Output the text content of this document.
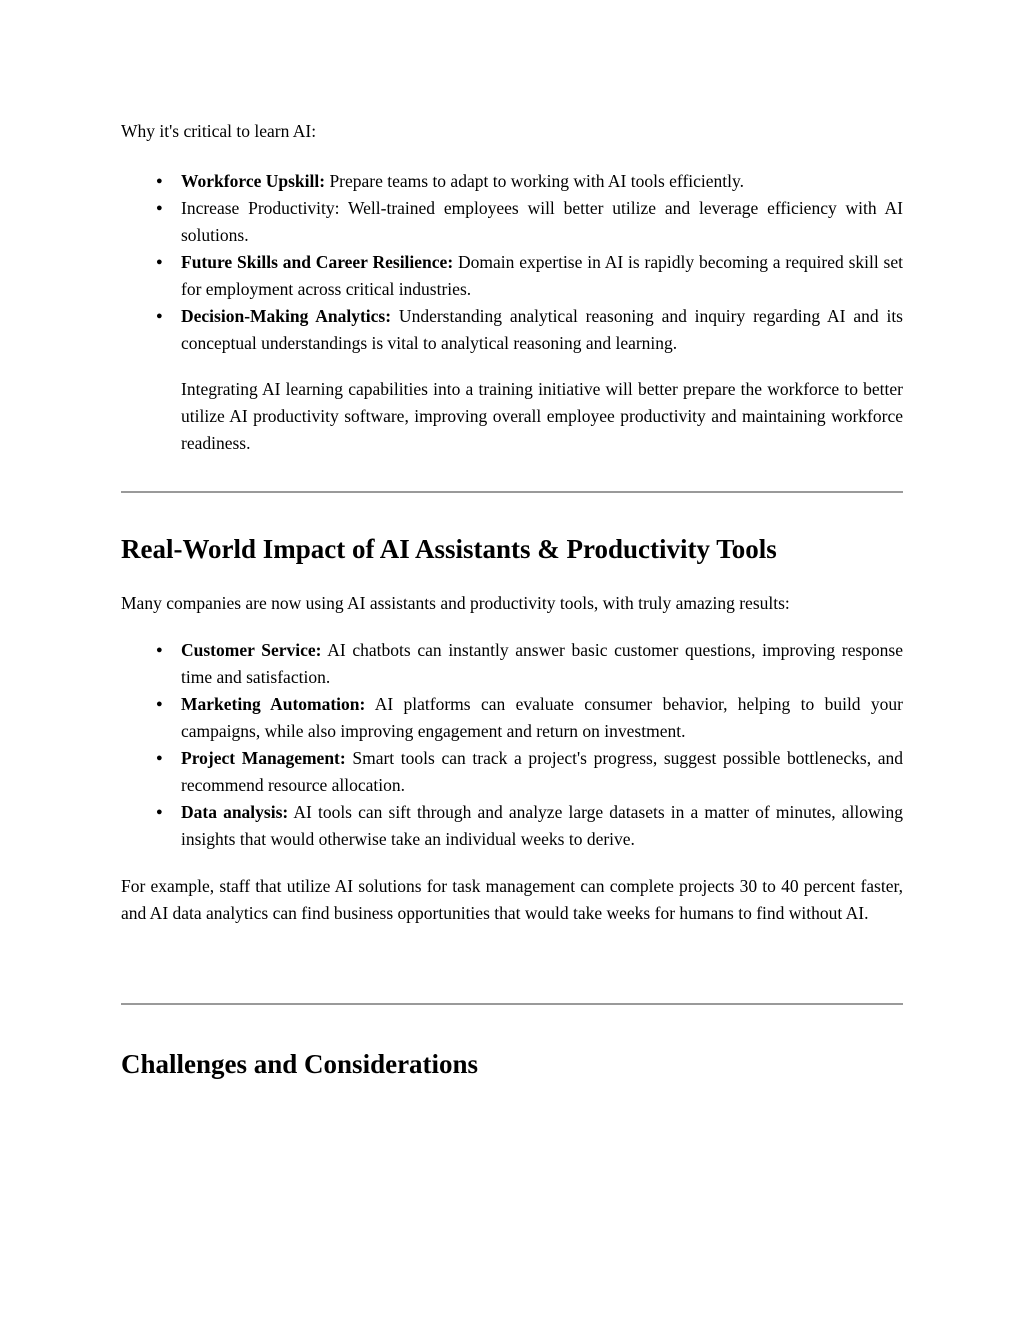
Why it's critical to learn AI:

● Workforce Upskill: Prepare teams to adapt to working with AI tools efficiently.
● Increase Productivity: Well-trained employees will better utilize and leverage efficiency with AI solutions.
● Future Skills and Career Resilience: Domain expertise in AI is rapidly becoming a required skill set for employment across critical industries.
● Decision-Making Analytics: Understanding analytical reasoning and inquiry regarding AI and its conceptual understandings is vital to analytical reasoning and learning.

Integrating AI learning capabilities into a training initiative will better prepare the workforce to better utilize AI productivity software, improving overall employee productivity and maintaining workforce readiness.

Real-World Impact of AI Assistants & Productivity Tools

Many companies are now using AI assistants and productivity tools, with truly amazing results:

● Customer Service: AI chatbots can instantly answer basic customer questions, improving response time and satisfaction.
● Marketing Automation: AI platforms can evaluate consumer behavior, helping to build your campaigns, while also improving engagement and return on investment.
● Project Management: Smart tools can track a project's progress, suggest possible bottlenecks, and recommend resource allocation.
● Data analysis: AI tools can sift through and analyze large datasets in a matter of minutes, allowing insights that would otherwise take an individual weeks to derive.

For example, staff that utilize AI solutions for task management can complete projects 30 to 40 percent faster, and AI data analytics can find business opportunities that would take weeks for humans to find without AI.

Challenges and Considerations
